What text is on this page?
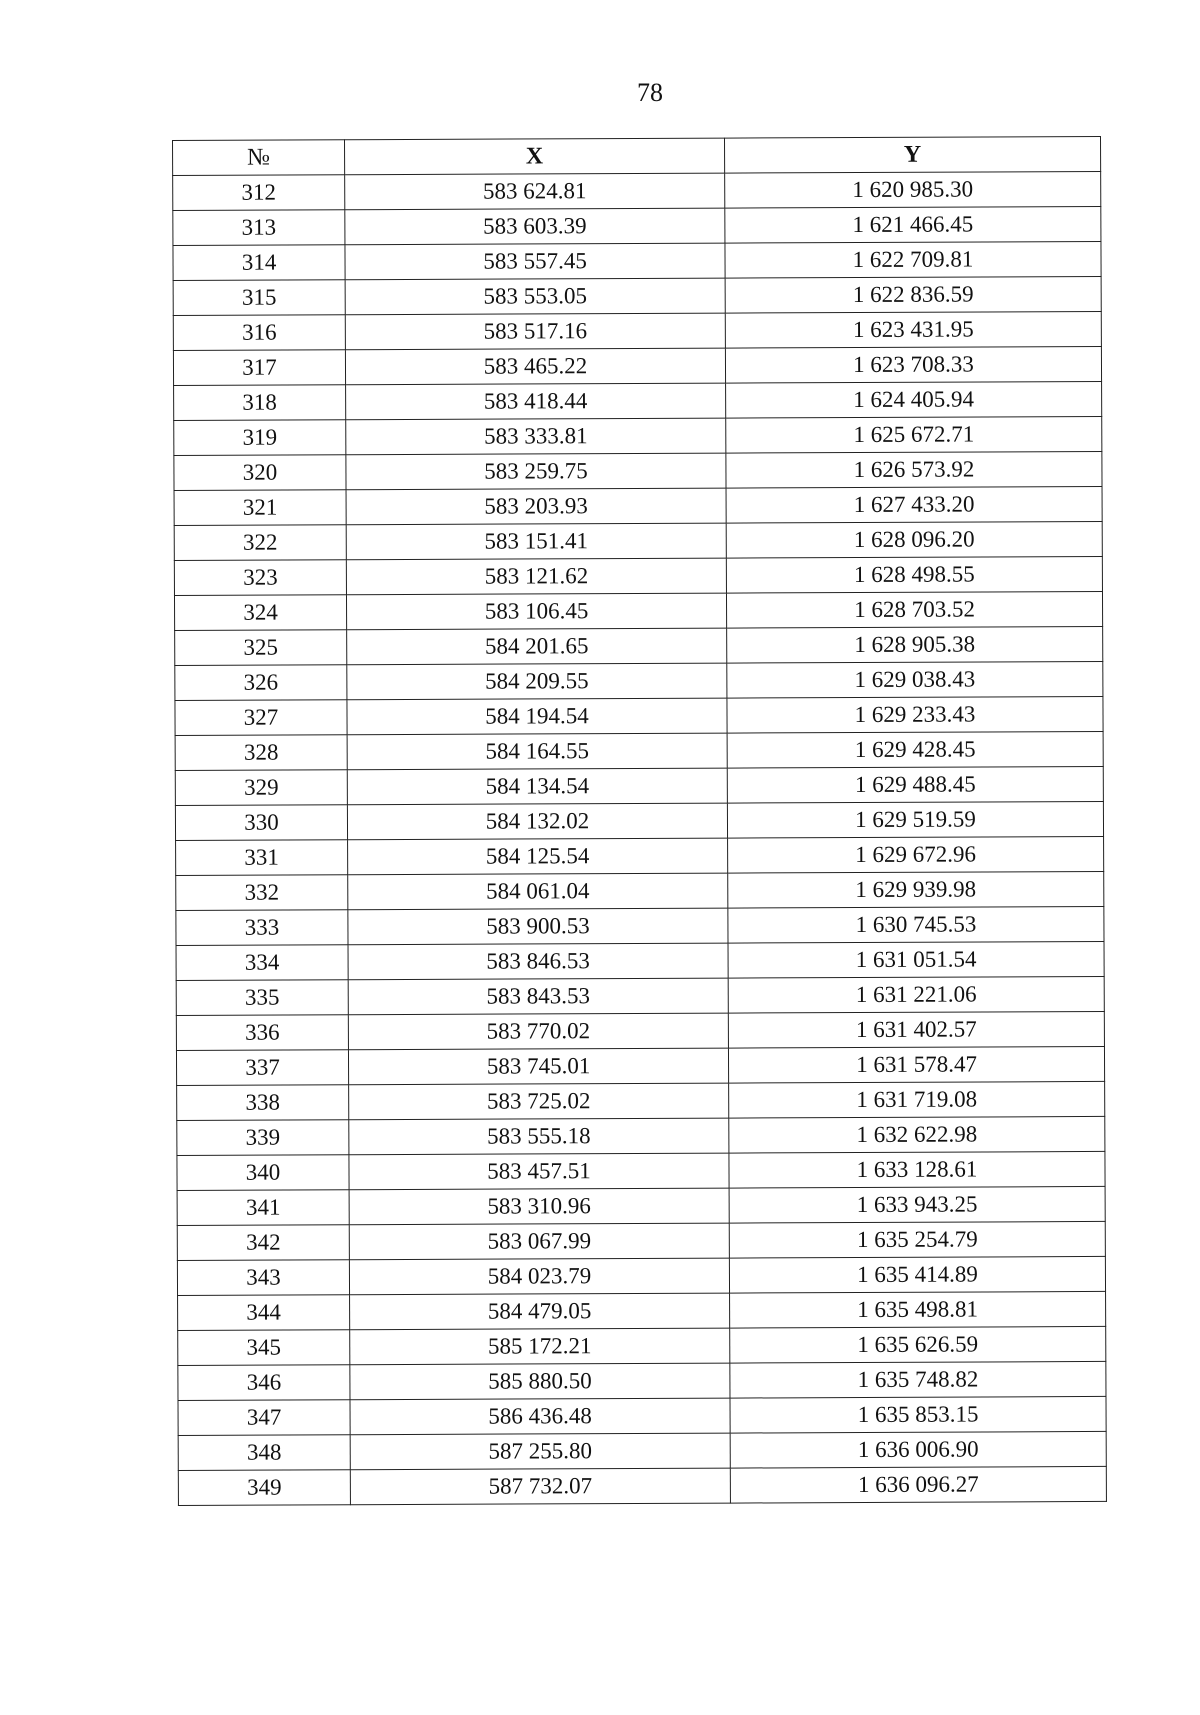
78
№	X	Y
312	583 624.81	1 620 985.30
313	583 603.39	1 621 466.45
314	583 557.45	1 622 709.81
315	583 553.05	1 622 836.59
316	583 517.16	1 623 431.95
317	583 465.22	1 623 708.33
318	583 418.44	1 624 405.94
319	583 333.81	1 625 672.71
320	583 259.75	1 626 573.92
321	583 203.93	1 627 433.20
322	583 151.41	1 628 096.20
323	583 121.62	1 628 498.55
324	583 106.45	1 628 703.52
325	584 201.65	1 628 905.38
326	584 209.55	1 629 038.43
327	584 194.54	1 629 233.43
328	584 164.55	1 629 428.45
329	584 134.54	1 629 488.45
330	584 132.02	1 629 519.59
331	584 125.54	1 629 672.96
332	584 061.04	1 629 939.98
333	583 900.53	1 630 745.53
334	583 846.53	1 631 051.54
335	583 843.53	1 631 221.06
336	583 770.02	1 631 402.57
337	583 745.01	1 631 578.47
338	583 725.02	1 631 719.08
339	583 555.18	1 632 622.98
340	583 457.51	1 633 128.61
341	583 310.96	1 633 943.25
342	583 067.99	1 635 254.79
343	584 023.79	1 635 414.89
344	584 479.05	1 635 498.81
345	585 172.21	1 635 626.59
346	585 880.50	1 635 748.82
347	586 436.48	1 635 853.15
348	587 255.80	1 636 006.90
349	587 732.07	1 636 096.27
